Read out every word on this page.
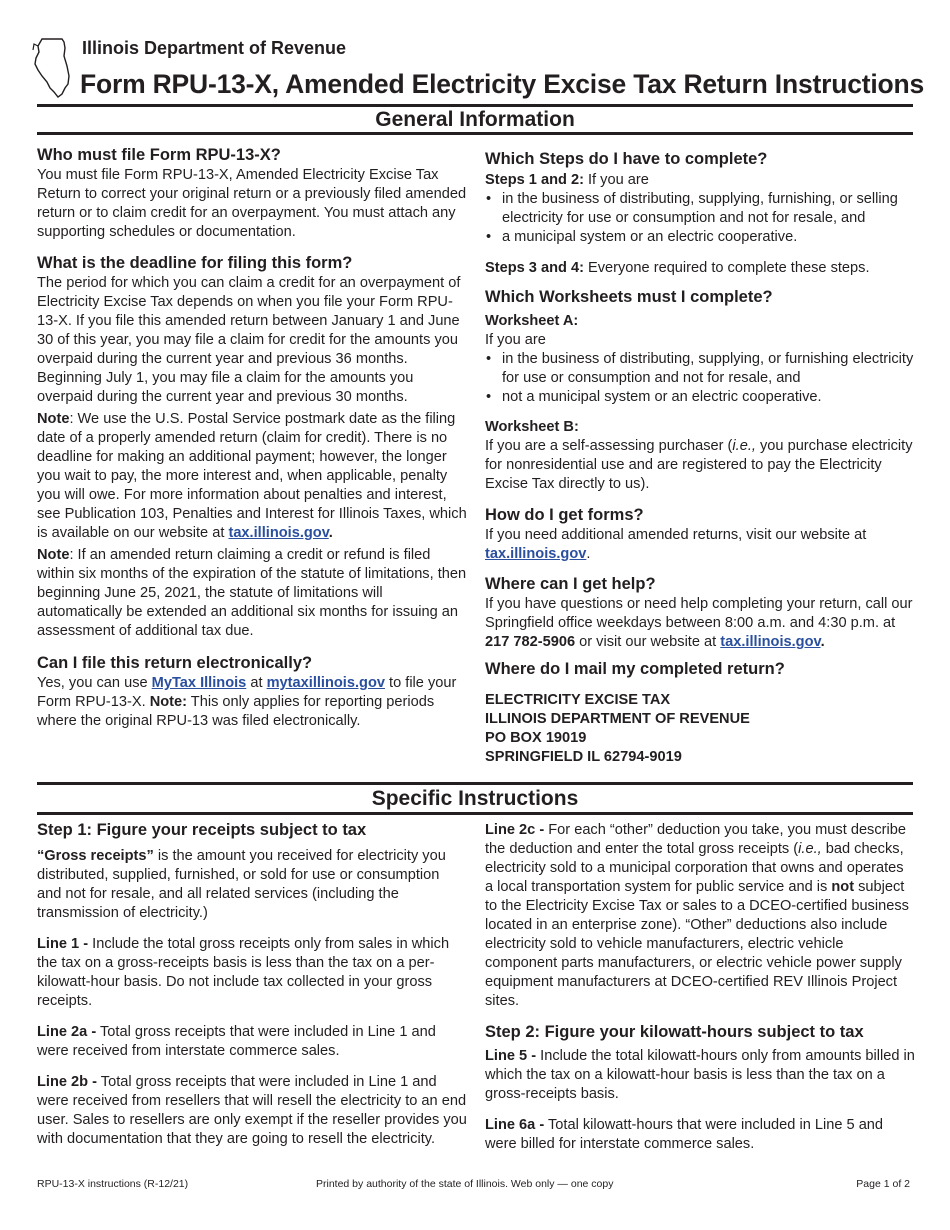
Illinois Department of Revenue
Form RPU-13-X, Amended Electricity Excise Tax Return Instructions
General Information
Who must file Form RPU-13-X?

You must file Form RPU-13-X, Amended Electricity Excise Tax Return to correct your original return or a previously filed amended return or to claim credit for an overpayment. You must attach any supporting schedules or documentation.

What is the deadline for filing this form?

The period for which you can claim a credit for an overpayment of Electricity Excise Tax depends on when you file your Form RPU-13-X. If you file this amended return between January 1 and June 30 of this year, you may file a claim for credit for the amounts you overpaid during the current year and previous 36 months. Beginning July 1, you may file a claim for the amounts you overpaid during the current year and previous 30 months.

Note: We use the U.S. Postal Service postmark date as the filing date of a properly amended return (claim for credit). There is no deadline for making an additional payment; however, the longer you wait to pay, the more interest and, when applicable, penalty you will owe. For more information about penalties and interest, see Publication 103, Penalties and Interest for Illinois Taxes, which is available on our website at tax.illinois.gov.

Note: If an amended return claiming a credit or refund is filed within six months of the expiration of the statute of limitations, then beginning June 25, 2021, the statute of limitations will automatically be extended an additional six months for issuing an assessment of additional tax due.

Can I file this return electronically?

Yes, you can use MyTax Illinois at mytaxillinois.gov to file your Form RPU-13-X. Note: This only applies for reporting periods where the original RPU-13 was filed electronically.

Which Steps do I have to complete?

Steps 1 and 2: If you are

• in the business of distributing, supplying, furnishing, or selling electricity for use or consumption and not for resale, and
• a municipal system or an electric cooperative.

Steps 3 and 4: Everyone required to complete these steps.

Which Worksheets must I complete?
Worksheet A:

If you are

• in the business of distributing, supplying, or furnishing electricity for use or consumption and not for resale, and
• not a municipal system or an electric cooperative.
Worksheet B:

If you are a self-assessing purchaser (i.e., you purchase electricity for nonresidential use and are registered to pay the Electricity Excise Tax directly to us).

How do I get forms?

If you need additional amended returns, visit our website at tax.illinois.gov.

Where can I get help?

If you have questions or need help completing your return, call our Springfield office weekdays between 8:00 a.m. and 4:30 p.m. at 217 782-5906 or visit our website at tax.illinois.gov.

Where do I mail my completed return?

ELECTRICITY EXCISE TAX

ILLINOIS DEPARTMENT OF REVENUE

PO BOX 19019

SPRINGFIELD IL 62794-9019

Specific Instructions
Step 1: Figure your receipts subject to tax

“Gross receipts” is the amount you received for electricity you distributed, supplied, furnished, or sold for use or consumption and not for resale, and all related services (including the transmission of electricity.)

Line 1 - Include the total gross receipts only from sales in which the tax on a gross-receipts basis is less than the tax on a per-kilowatt-hour basis. Do not include tax collected in your gross receipts.

Line 2a - Total gross receipts that were included in Line 1 and were received from interstate commerce sales.

Line 2b - Total gross receipts that were included in Line 1 and were received from resellers that will resell the electricity to an end user. Sales to resellers are only exempt if the reseller provides you with documentation that they are going to resell the electricity.

Line 2c - For each “other” deduction you take, you must describe the deduction and enter the total gross receipts (i.e., bad checks, electricity sold to a municipal corporation that owns and operates a local transportation system for public service and is not subject to the Electricity Excise Tax or sales to a DCEO-certified business located in an enterprise zone). “Other” deductions also include electricity sold to vehicle manufacturers, electric vehicle component parts manufacturers, or electric vehicle power supply equipment manufacturers at DCEO-certified REV Illinois Project sites.

Step 2: Figure your kilowatt-hours subject to tax

Line 5 - Include the total kilowatt-hours only from amounts billed in which the tax on a kilowatt-hour basis is less than the tax on a gross-receipts basis.

Line 6a - Total kilowatt-hours that were included in Line 5 and were billed for interstate commerce sales.

RPU-13-X instructions (R-12/21)	Printed by authority of the state of Illinois. Web only — one copy	Page 1 of 2
